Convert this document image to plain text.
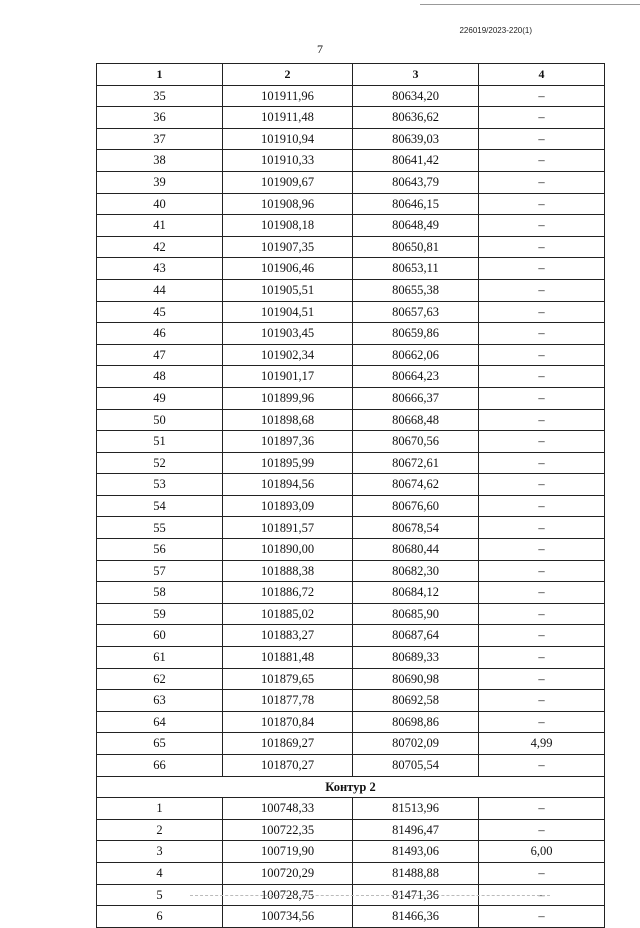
226019/2023-220(1)
7
1	2	3	4
35	101911,96	80634,20	–
36	101911,48	80636,62	–
37	101910,94	80639,03	–
38	101910,33	80641,42	–
39	101909,67	80643,79	–
40	101908,96	80646,15	–
41	101908,18	80648,49	–
42	101907,35	80650,81	–
43	101906,46	80653,11	–
44	101905,51	80655,38	–
45	101904,51	80657,63	–
46	101903,45	80659,86	–
47	101902,34	80662,06	–
48	101901,17	80664,23	–
49	101899,96	80666,37	–
50	101898,68	80668,48	–
51	101897,36	80670,56	–
52	101895,99	80672,61	–
53	101894,56	80674,62	–
54	101893,09	80676,60	–
55	101891,57	80678,54	–
56	101890,00	80680,44	–
57	101888,38	80682,30	–
58	101886,72	80684,12	–
59	101885,02	80685,90	–
60	101883,27	80687,64	–
61	101881,48	80689,33	–
62	101879,65	80690,98	–
63	101877,78	80692,58	–
64	101870,84	80698,86	–
65	101869,27	80702,09	4,99
66	101870,27	80705,54	–
Контур 2			
1	100748,33	81513,96	–
2	100722,35	81496,47	–
3	100719,90	81493,06	6,00
4	100720,29	81488,88	–
5	100728,75	81471,36	–
6	100734,56	81466,36	–
